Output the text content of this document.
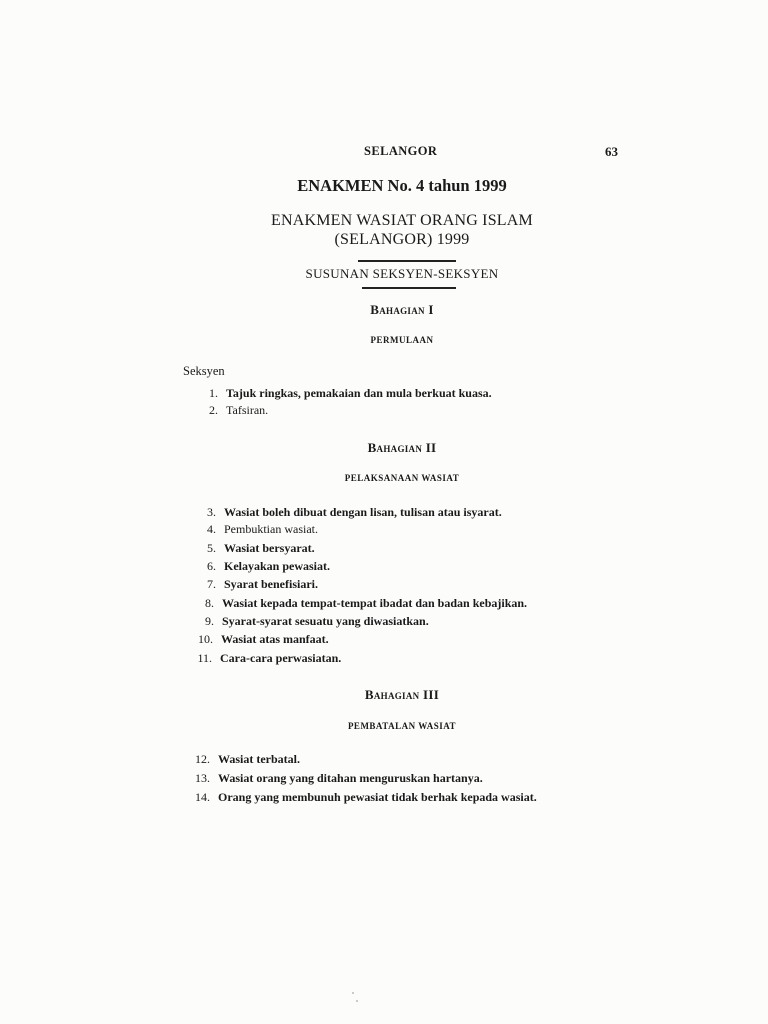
SELANGOR	63
ENAKMEN No. 4 tahun 1999
ENAKMEN WASIAT ORANG ISLAM
(SELANGOR) 1999
SUSUNAN SEKSYEN-SEKSYEN
Bahagian I
PERMULAAN
Seksyen
1. Tajuk ringkas, pemakaian dan mula berkuat kuasa.
2. Tafsiran.
Bahagian II
PELAKSANAAN WASIAT
3. Wasiat boleh dibuat dengan lisan, tulisan atau isyarat.
4. Pembuktian wasiat.
5. Wasiat bersyarat.
6. Kelayakan pewasiat.
7. Syarat benefisiari.
8. Wasiat kepada tempat-tempat ibadat dan badan kebajikan.
9. Syarat-syarat sesuatu yang diwasiatkan.
10. Wasiat atas manfaat.
11. Cara-cara perwasiatan.
Bahagian III
PEMBATALAN WASIAT
12. Wasiat terbatal.
13. Wasiat orang yang ditahan menguruskan hartanya.
14. Orang yang membunuh pewasiat tidak berhak kepada wasiat.
